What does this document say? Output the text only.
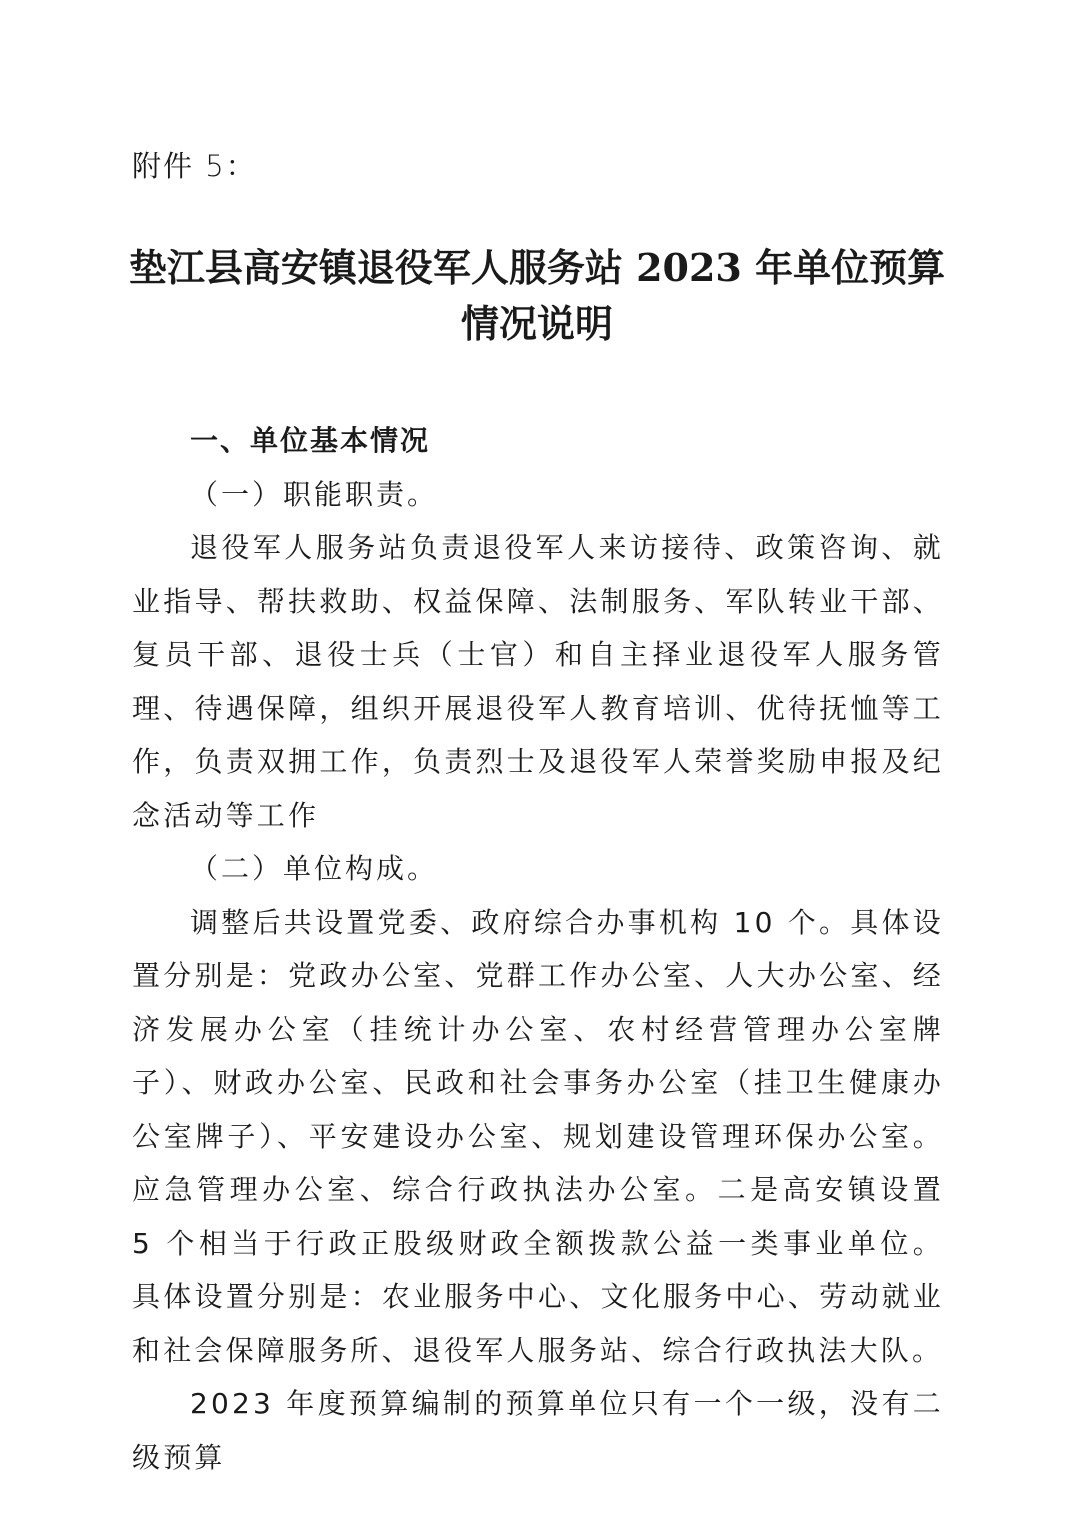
附件 5：
垫江县高安镇退役军人服务站 2023 年单位预算
情况说明
一、单位基本情况
（一）职能职责。
退役军人服务站负责退役军人来访接待、政策咨询、就业指导、帮扶救助、权益保障、法制服务、军队转业干部、复员干部、退役士兵（士官）和自主择业退役军人服务管理、待遇保障，组织开展退役军人教育培训、优待抚恤等工作，负责双拥工作，负责烈士及退役军人荣誉奖励申报及纪念活动等工作
（二）单位构成。
调整后共设置党委、政府综合办事机构 10 个。具体设置分别是：党政办公室、党群工作办公室、人大办公室、经济发展办公室（挂统计办公室、农村经营管理办公室牌子）、财政办公室、民政和社会事务办公室（挂卫生健康办公室牌子）、平安建设办公室、规划建设管理环保办公室。应急管理办公室、综合行政执法办公室。二是高安镇设置 5 个相当于行政正股级财政全额拨款公益一类事业单位。具体设置分别是：农业服务中心、文化服务中心、劳动就业和社会保障服务所、退役军人服务站、综合行政执法大队。
2023 年度预算编制的预算单位只有一个一级，没有二级预算
